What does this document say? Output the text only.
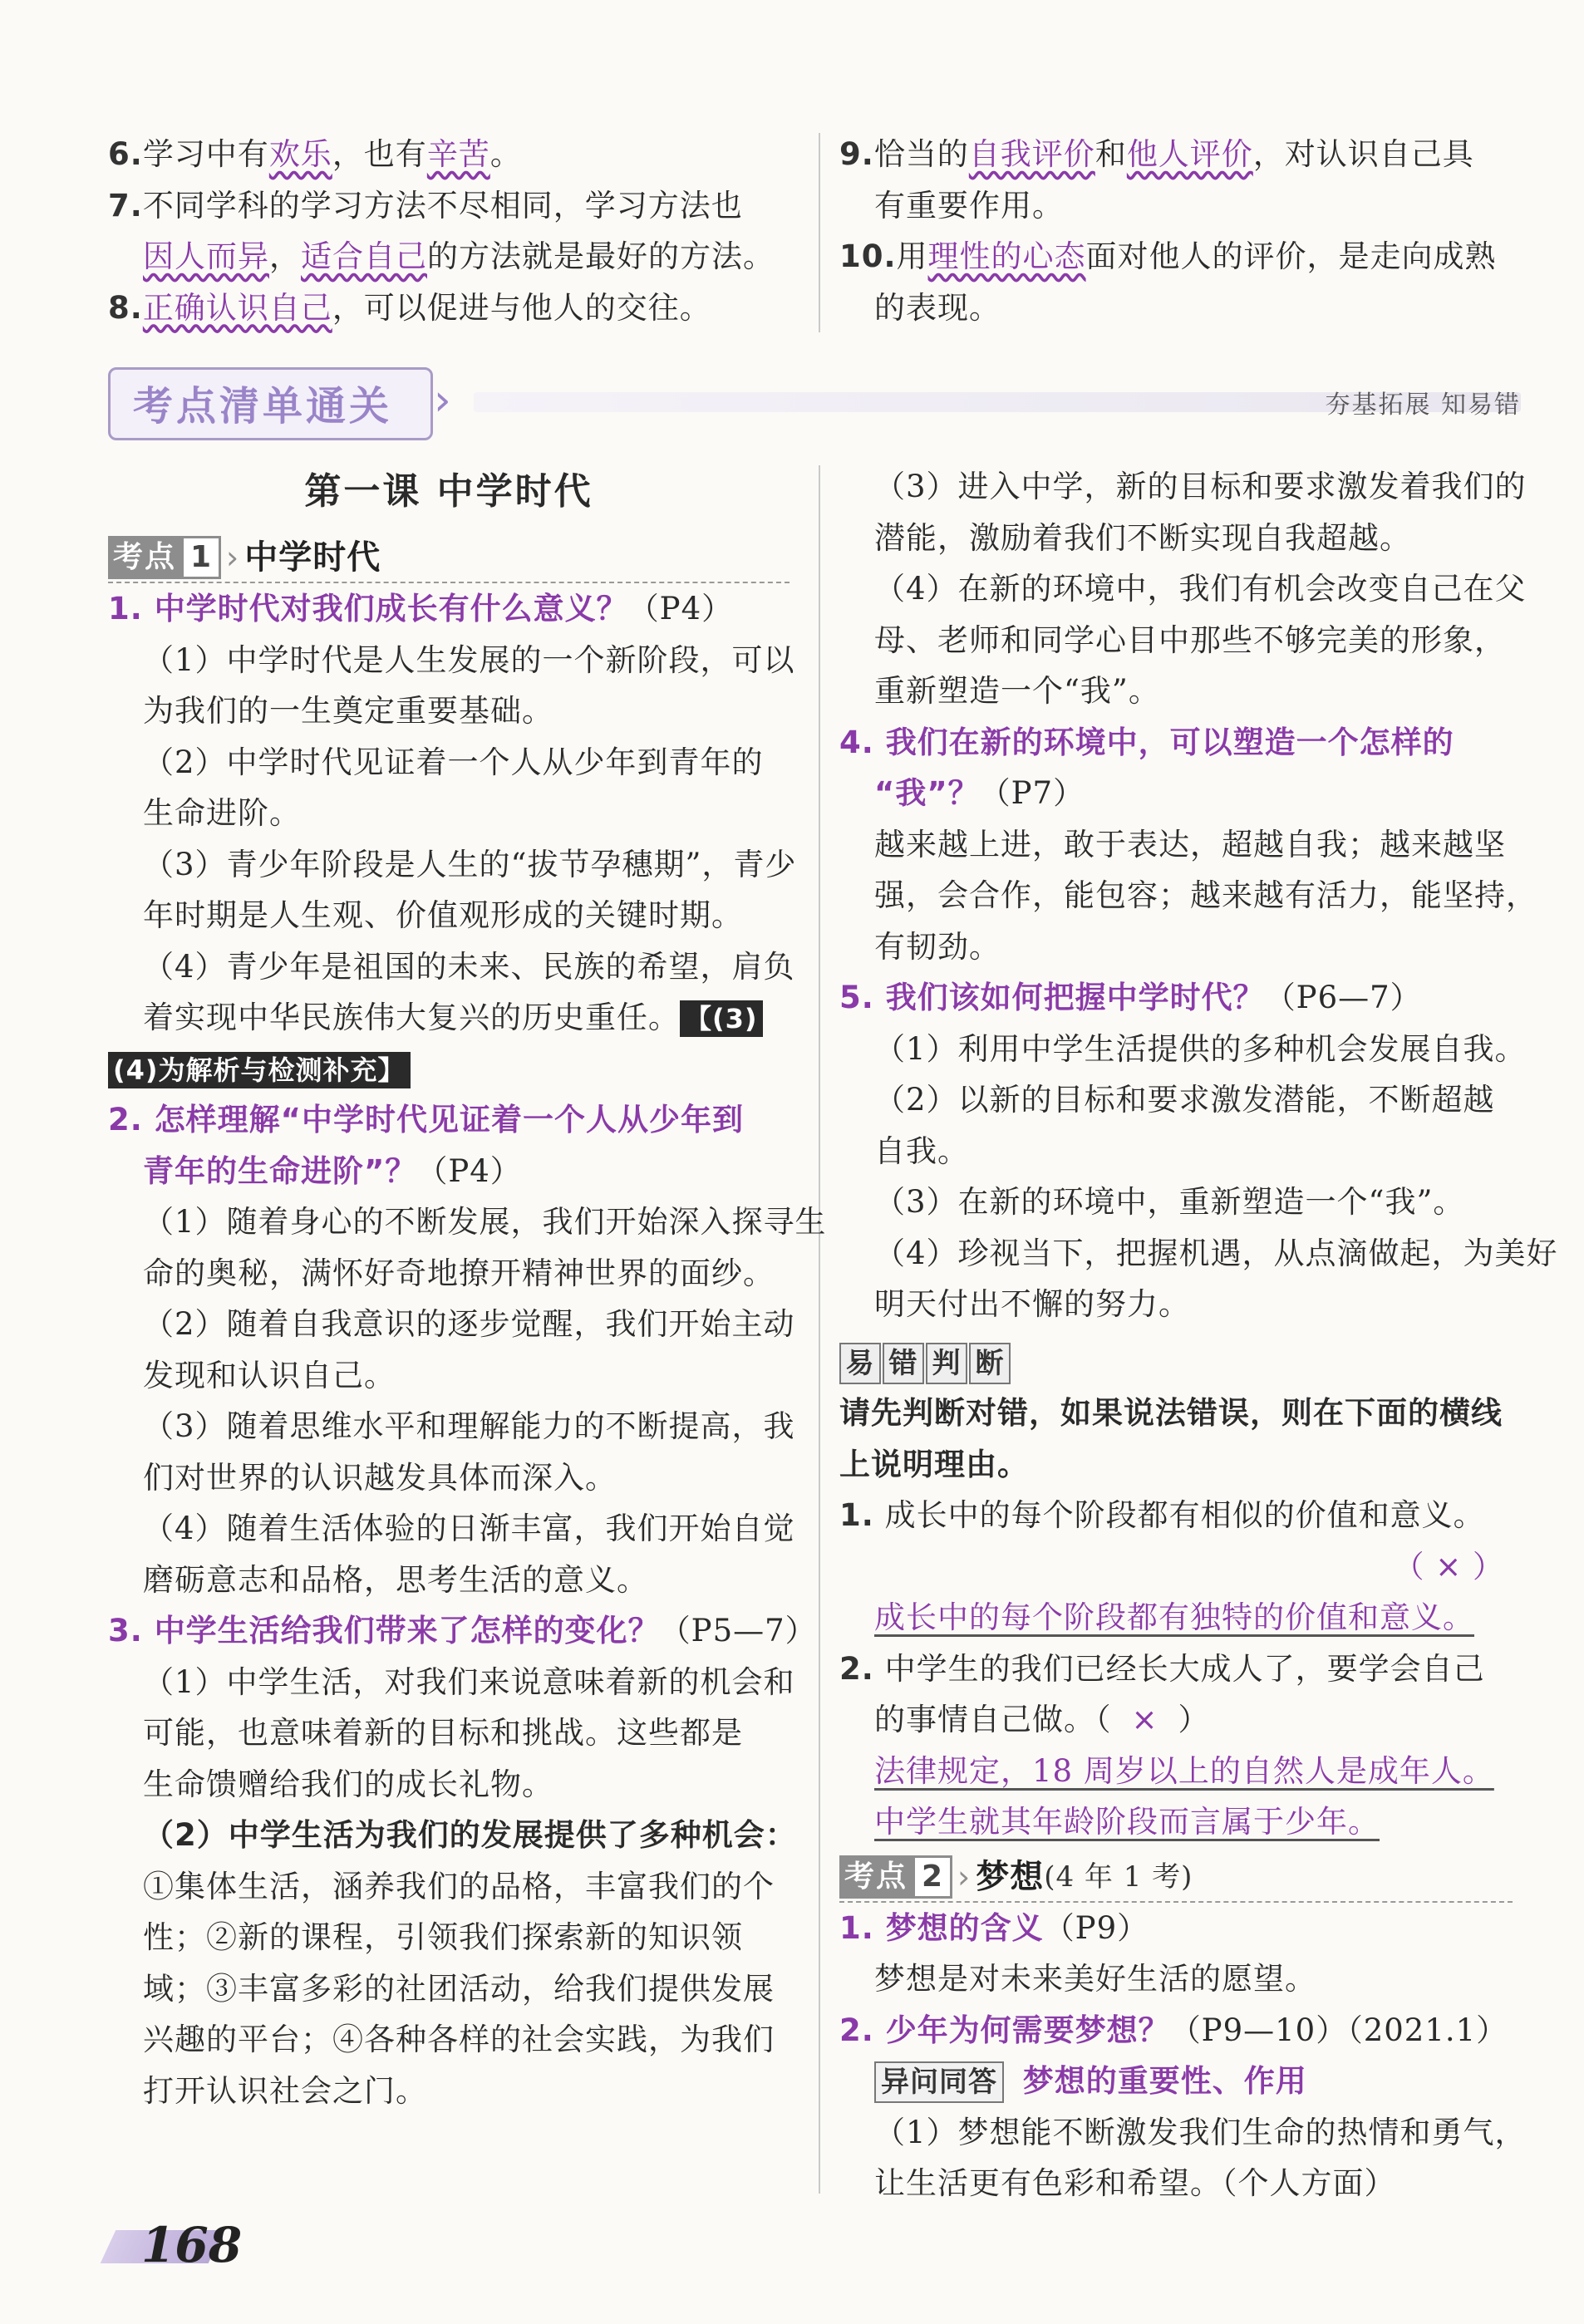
6.学习中有欢乐，也有辛苦。
7.不同学科的学习方法不尽相同，学习方法也
因人而异，适合自己的方法就是最好的方法。
8.正确认识自己，可以促进与他人的交往。
9.恰当的自我评价和他人评价，对认识自己具
有重要作用。
10.用理性的心态面对他人的评价，是走向成熟
的表现。
考点清单通关 ›	夯基拓展 知易错
第一课 中学时代
考点 1 › 中学时代
1. 中学时代对我们成长有什么意义？（P4）
（1）中学时代是人生发展的一个新阶段，可以
为我们的一生奠定重要基础。
（2）中学时代见证着一个人从少年到青年的
生命进阶。
（3）青少年阶段是人生的“拔节孕穗期”，青少
年时期是人生观、价值观形成的关键时期。
（4）青少年是祖国的未来、民族的希望，肩负
着实现中华民族伟大复兴的历史重任。 【(3)
(4)为解析与检测补充】
2. 怎样理解“中学时代见证着一个人从少年到
青年的生命进阶”？（P4）
（1）随着身心的不断发展，我们开始深入探寻生
命的奥秘，满怀好奇地撩开精神世界的面纱。
（2）随着自我意识的逐步觉醒，我们开始主动
发现和认识自己。
（3）随着思维水平和理解能力的不断提高，我
们对世界的认识越发具体而深入。
（4）随着生活体验的日渐丰富，我们开始自觉
磨砺意志和品格，思考生活的意义。
3. 中学生活给我们带来了怎样的变化？（P5—7）
（1）中学生活，对我们来说意味着新的机会和
可能，也意味着新的目标和挑战。这些都是
生命馈赠给我们的成长礼物。
（2）中学生活为我们的发展提供了多种机会：
①集体生活，涵养我们的品格，丰富我们的个
性；②新的课程，引领我们探索新的知识领
域；③丰富多彩的社团活动，给我们提供发展
兴趣的平台；④各种各样的社会实践，为我们
打开认识社会之门。
（3）进入中学，新的目标和要求激发着我们的
潜能，激励着我们不断实现自我超越。
（4）在新的环境中，我们有机会改变自己在父
母、老师和同学心目中那些不够完美的形象，
重新塑造一个“我”。
4. 我们在新的环境中，可以塑造一个怎样的
“我”？（P7）
越来越上进，敢于表达，超越自我；越来越坚
强，会合作，能包容；越来越有活力，能坚持，
有韧劲。
5. 我们该如何把握中学时代？（P6—7）
（1）利用中学生活提供的多种机会发展自我。
（2）以新的目标和要求激发潜能，不断超越
自我。
（3）在新的环境中，重新塑造一个“我”。
（4）珍视当下，把握机遇，从点滴做起，为美好
明天付出不懈的努力。
易 错 判 断
请先判断对错，如果说法错误，则在下面的横线
上说明理由。
1. 成长中的每个阶段都有相似的价值和意义。
（ × ）
成长中的每个阶段都有独特的价值和意义。
2. 中学生的我们已经长大成人了，要学会自己
的事情自己做。（ × ）
法律规定，18 周岁以上的自然人是成年人。
中学生就其年龄阶段而言属于少年。
考点 2 › 梦想 (4 年 1 考)
1. 梦想的含义（P9）
梦想是对未来美好生活的愿望。
2. 少年为何需要梦想？（P9—10）（2021.1）
异问同答 梦想的重要性、作用
（1）梦想能不断激发我们生命的热情和勇气，
让生活更有色彩和希望。（个人方面）
168
